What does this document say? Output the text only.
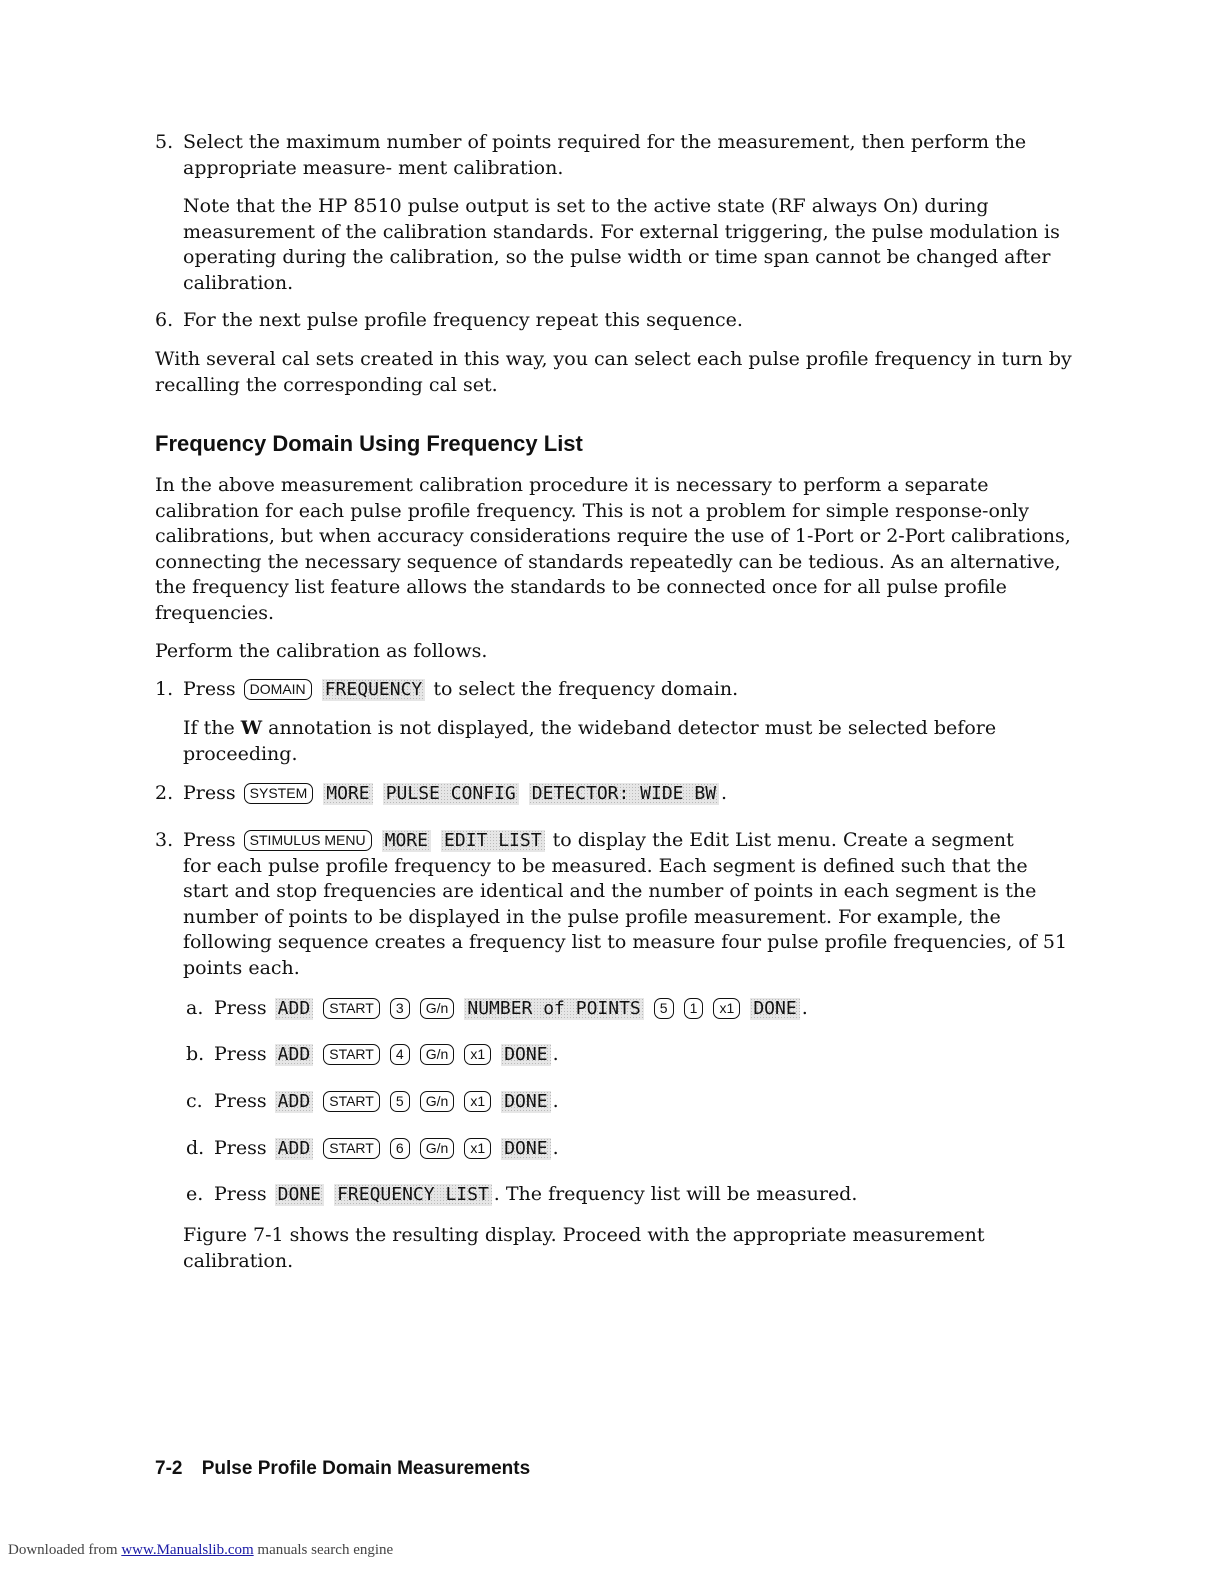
5. Select the maximum number of points required for the measurement, then perform the
appropriate measure- ment calibration.
Note that the HP 8510 pulse output is set to the active state (RF always On) during
measurement of the calibration standards. For external triggering, the pulse modulation is
operating during the calibration, so the pulse width or time span cannot be changed after
calibration.
6. For the next pulse profile frequency repeat this sequence.
With several cal sets created in this way, you can select each pulse profile frequency in turn by
recalling the corresponding cal set.
Frequency Domain Using Frequency List
In the above measurement calibration procedure it is necessary to perform a separate
calibration for each pulse profile frequency. This is not a problem for simple response-only
calibrations, but when accuracy considerations require the use of 1-Port or 2-Port calibrations,
connecting the necessary sequence of standards repeatedly can be tedious. As an alternative,
the frequency list feature allows the standards to be connected once for all pulse profile
frequencies.
Perform the calibration as follows.
1. Press DOMAIN FREQUENCY to select the frequency domain.
If the W annotation is not displayed, the wideband detector must be selected before
proceeding.
2. Press SYSTEM MORE PULSE CONFIG DETECTOR: WIDE BW .
3. Press STIMULUS MENU MORE EDIT LIST to display the Edit List menu. Create a segment
for each pulse profile frequency to be measured. Each segment is defined such that the
start and stop frequencies are identical and the number of points in each segment is the
number of points to be displayed in the pulse profile measurement. For example, the
following sequence creates a frequency list to measure four pulse profile frequencies, of 51
points each.
a. Press ADD START 3 G/n NUMBER of POINTS 5 1 x1 DONE .
b. Press ADD START 4 G/n x1 DONE .
c. Press ADD START 5 G/n x1 DONE .
d. Press ADD START 6 G/n x1 DONE .
e. Press DONE FREQUENCY LIST . The frequency list will be measured.
Figure 7-1 shows the resulting display. Proceed with the appropriate measurement
calibration.
7-2 Pulse Profile Domain Measurements
Downloaded from www.Manualslib.com manuals search engine
